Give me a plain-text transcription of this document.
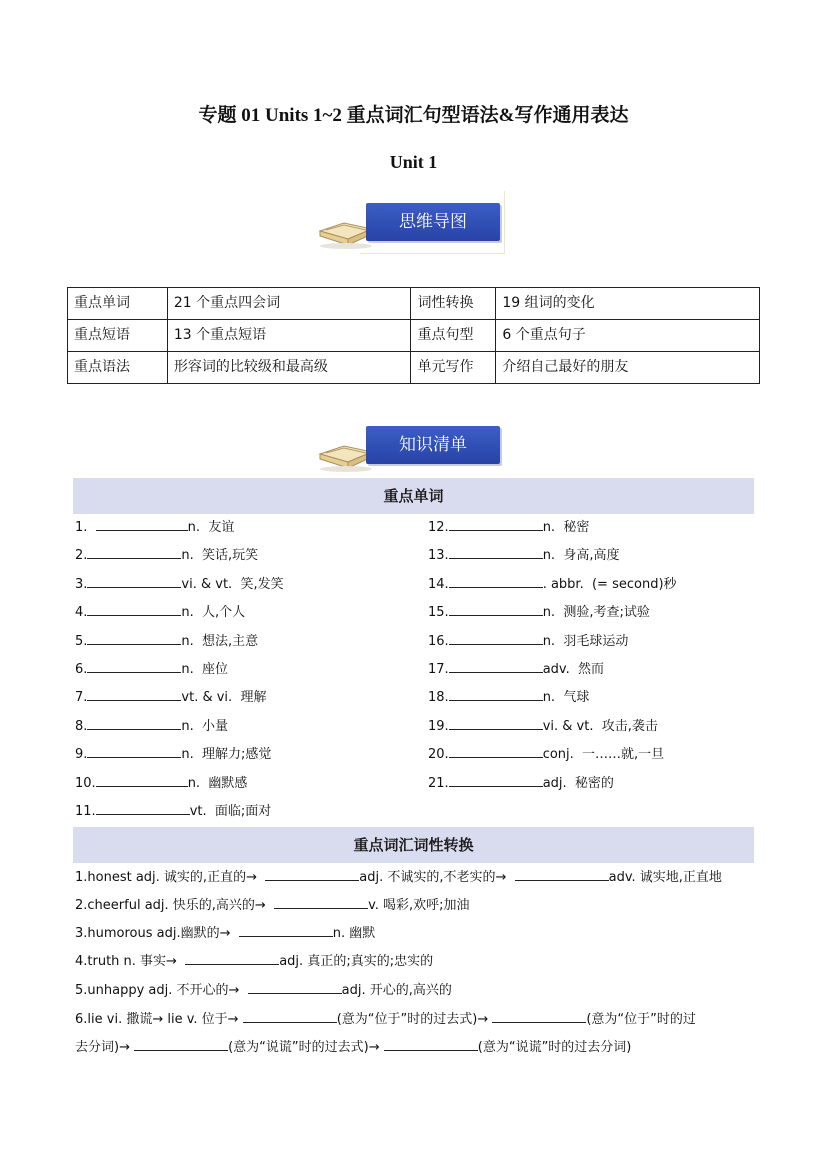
专题 01 Units 1~2 重点词汇句型语法&写作通用表达
Unit 1
思维导图
重点单词	21 个重点四会词	词性转换	19 组词的变化
重点短语	13 个重点短语	重点句型	6 个重点句子
重点语法	形容词的比较级和最高级	单元写作	介绍自己最好的朋友
知识清单
重点单词
1.	n. 友谊
2.	n. 笑话,玩笑
3.	vi. & vt. 笑,发笑
4.	n. 人,个人
5.	n. 想法,主意
6.	n. 座位
7.	vt. & vi. 理解
8.	n. 小量
9.	n. 理解力;感觉
10.	n. 幽默感
11.	vt. 面临;面对
12.	n. 秘密
13.	n. 身高,高度
14.	. abbr. (= second)秒
15.	n. 测验,考查;试验
16.	n. 羽毛球运动
17.	adv. 然而
18.	n. 气球
19.	vi. & vt. 攻击,袭击
20.	conj. 一……就,一旦
21.	adj. 秘密的
重点词汇词性转换
1.honest adj. 诚实的,正直的→	adj. 不诚实的,不老实的→	adv. 诚实地,正直地
2.cheerful adj. 快乐的,高兴的→	v. 喝彩,欢呼;加油
3.humorous adj.幽默的→	n. 幽默
4.truth n. 事实→	adj. 真正的;真实的;忠实的
5.unhappy adj. 不开心的→	adj. 开心的,高兴的
6.lie vi. 撒谎→ lie v. 位于→	(意为“位于”时的过去式)→	(意为“位于”时的过
去分词)→	(意为“说谎”时的过去式)→	(意为“说谎”时的过去分词)
